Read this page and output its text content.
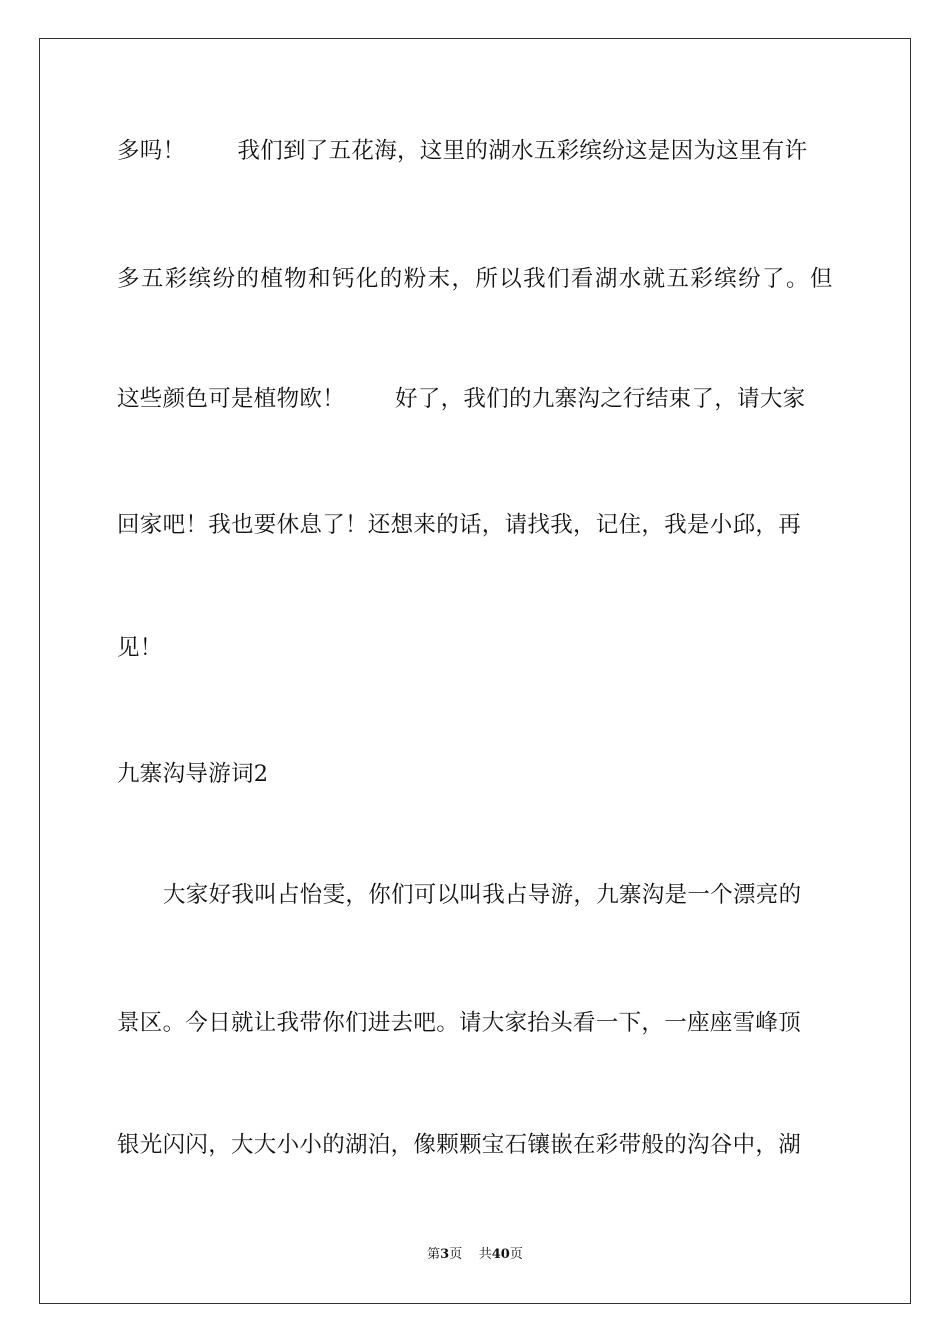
多吗！ 我们到了五花海，这里的湖水五彩缤纷这是因为这里有许
多 五 彩 缤 纷 的 植 物 和 钙 化 的 粉 末 ， 所 以 我 们 看 湖 水 就 五 彩 缤 纷 了 。 但
这些颜色可是植物欧！ 好了，我们的九寨沟之行结束了，请大家
回家吧！我也要休息了！还想来的话，请找我，记住，我是小邱，再
见！
九寨沟导游词2
大家好我叫占怡雯，你们可以叫我占导游，九寨沟是一个漂亮的
景区。今日就让我带你们进去吧。请大家抬头看一下，一座座雪峰顶
银光闪闪，大大小小的湖泊，像颗颗宝石镶嵌在彩带般的沟谷中，湖
第3页 共40页
